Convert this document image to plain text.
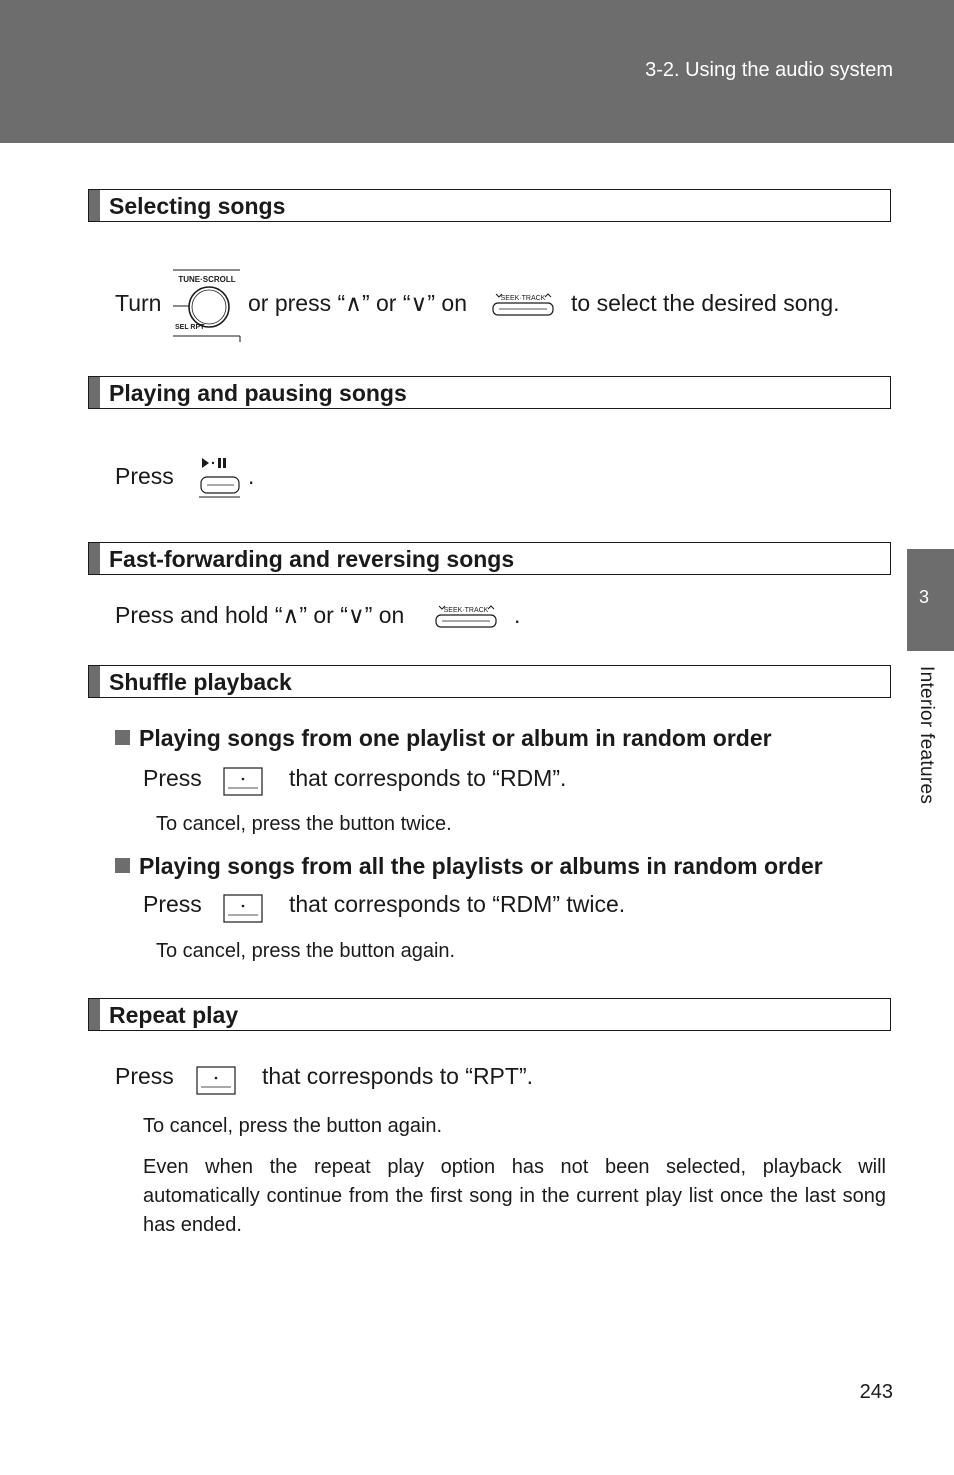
3-2. Using the audio system
3
Interior features
Selecting songs
Turn
TUNE·SCROLL
SEL RPT
or press “∧” or “∨” on	SEEK·TRACK to select the desired song.
Playing and pausing songs
Press	.
Fast-forwarding and reversing songs
Press and hold “∧” or “∨” on	SEEK·TRACK .
Shuffle playback
Playing songs from one playlist or album in random order
Press	that corresponds to “RDM”.
To cancel, press the button twice.
Playing songs from all the playlists or albums in random order
Press	that corresponds to “RDM” twice.
To cancel, press the button again.
Repeat play
Press	that corresponds to “RPT”.
To cancel, press the button again.
Even when the repeat play option has not been selected, playback will automatically continue from the first song in the current play list once the last song has ended.
243
